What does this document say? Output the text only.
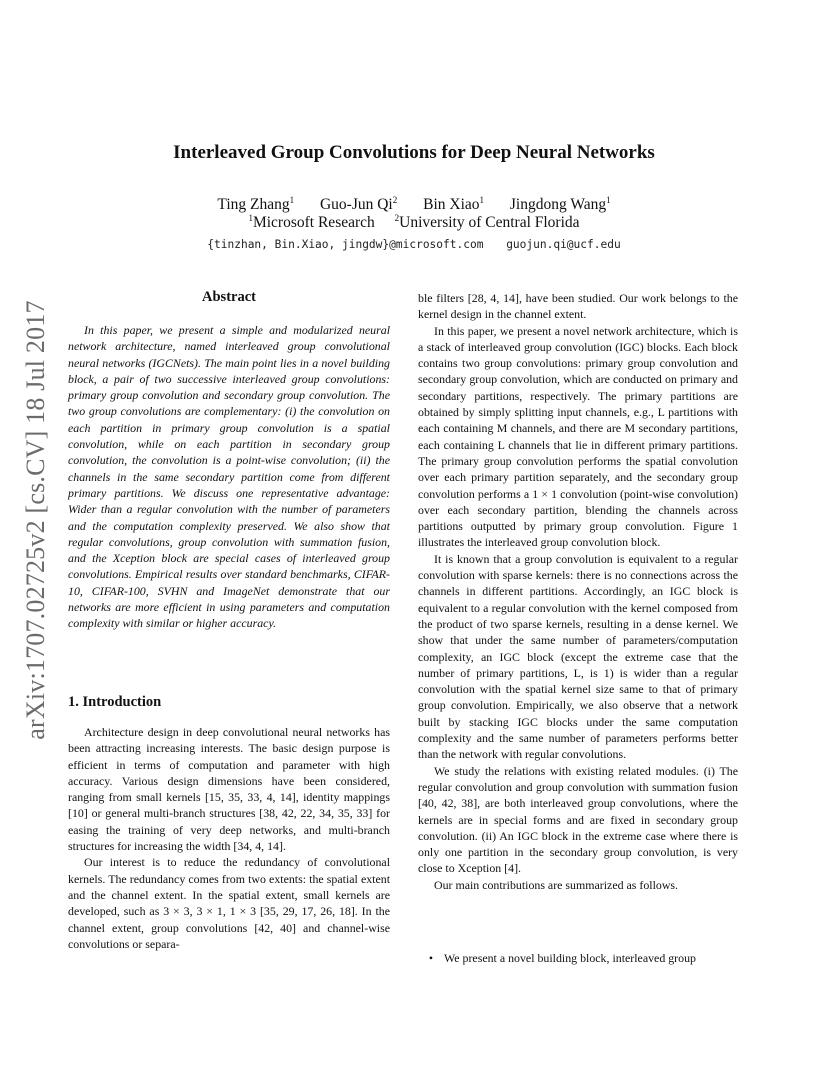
arXiv:1707.02725v2 [cs.CV] 18 Jul 2017
Interleaved Group Convolutions for Deep Neural Networks
Ting Zhang$^1$ Guo-Jun Qi$^2$ Bin Xiao$^1$ Jingdong Wang$^1$
$^1$Microsoft Research $^2$University of Central Florida
{tinzhan, Bin.Xiao, jingdw}@microsoft.com guojun.qi@ucf.edu
Abstract

In this paper, we present a simple and modularized neural network architecture, named interleaved group convolutional neural networks (IGCNets). The main point lies in a novel building block, a pair of two successive interleaved group convolutions: primary group convolution and secondary group convolution. The two group convolutions are complementary: (i) the convolution on each partition in primary group convolution is a spatial convolution, while on each partition in secondary group convolution, the convolution is a point-wise convolution; (ii) the channels in the same secondary partition come from different primary partitions. We discuss one representative advantage: Wider than a regular convolution with the number of parameters and the computation complexity preserved. We also show that regular convolutions, group convolution with summation fusion, and the Xception block are special cases of interleaved group convolutions. Empirical results over standard benchmarks, CIFAR-10, CIFAR-100, SVHN and ImageNet demonstrate that our networks are more efficient in using parameters and computation complexity with similar or higher accuracy.

1. Introduction

Architecture design in deep convolutional neural networks has been attracting increasing interests. The basic design purpose is efficient in terms of computation and parameter with high accuracy. Various design dimensions have been considered, ranging from small kernels [15, 35, 33, 4, 14], identity mappings [10] or general multi-branch structures [38, 42, 22, 34, 35, 33] for easing the training of very deep networks, and multi-branch structures for increasing the width [34, 4, 14].

Our interest is to reduce the redundancy of convolutional kernels. The redundancy comes from two extents: the spatial extent and the channel extent. In the spatial extent, small kernels are developed, such as 3 × 3, 3 × 1, 1 × 3 [35, 29, 17, 26, 18]. In the channel extent, group convolutions [42, 40] and channel-wise convolutions or separa-

ble filters [28, 4, 14], have been studied. Our work belongs to the kernel design in the channel extent.

In this paper, we present a novel network architecture, which is a stack of interleaved group convolution (IGC) blocks. Each block contains two group convolutions: primary group convolution and secondary group convolution, which are conducted on primary and secondary partitions, respectively. The primary partitions are obtained by simply splitting input channels, e.g., L partitions with each containing M channels, and there are M secondary partitions, each containing L channels that lie in different primary partitions. The primary group convolution performs the spatial convolution over each primary partition separately, and the secondary group convolution performs a 1 × 1 convolution (point-wise convolution) over each secondary partition, blending the channels across partitions outputted by primary group convolution. Figure 1 illustrates the interleaved group convolution block.

It is known that a group convolution is equivalent to a regular convolution with sparse kernels: there is no connections across the channels in different partitions. Accordingly, an IGC block is equivalent to a regular convolution with the kernel composed from the product of two sparse kernels, resulting in a dense kernel. We show that under the same number of parameters/computation complexity, an IGC block (except the extreme case that the number of primary partitions, L, is 1) is wider than a regular convolution with the spatial kernel size same to that of primary group convolution. Empirically, we also observe that a network built by stacking IGC blocks under the same computation complexity and the same number of parameters performs better than the network with regular convolutions.

We study the relations with existing related modules. (i) The regular convolution and group convolution with summation fusion [40, 42, 38], are both interleaved group convolutions, where the kernels are in special forms and are fixed in secondary group convolution. (ii) An IGC block in the extreme case where there is only one partition in the secondary group convolution, is very close to Xception [4].

Our main contributions are summarized as follows.

• We present a novel building block, interleaved group
